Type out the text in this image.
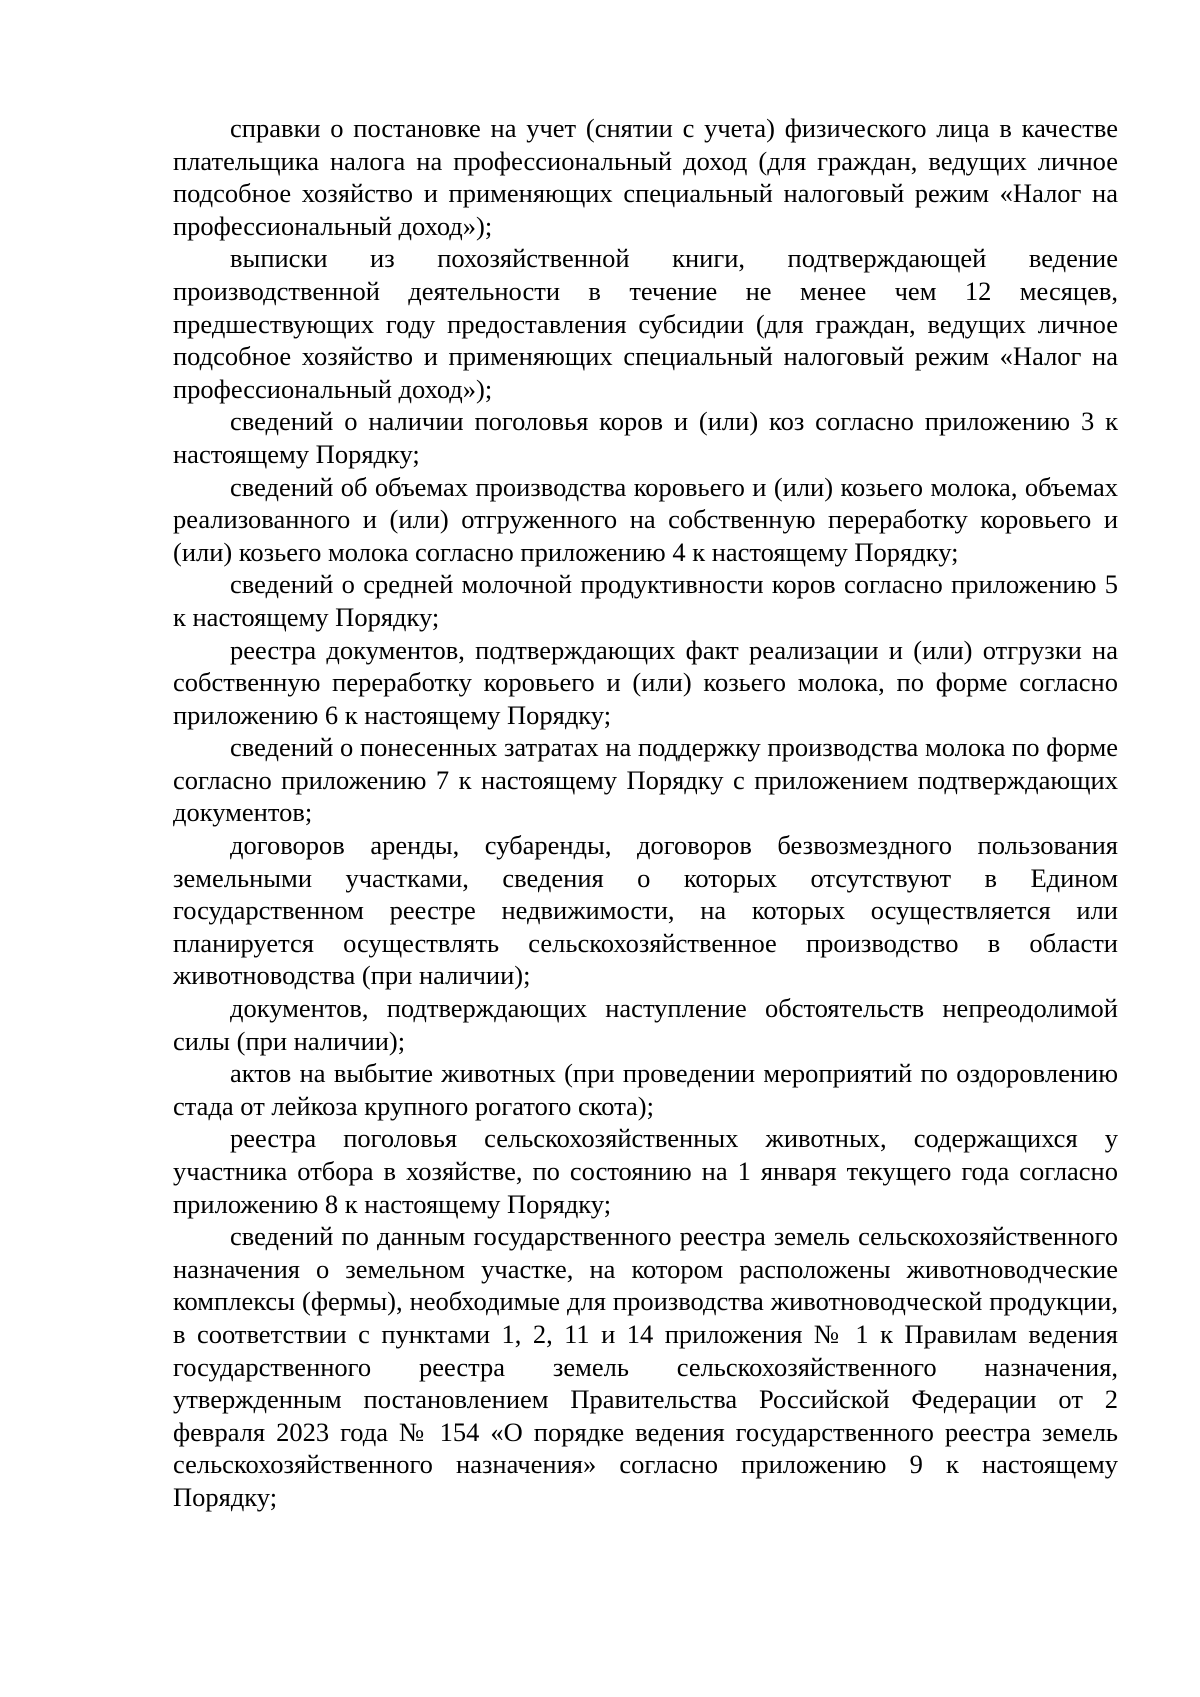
справки о постановке на учет (снятии с учета) физического лица в качестве плательщика налога на профессиональный доход (для граждан, ведущих личное подсобное хозяйство и применяющих специальный налоговый режим «Налог на профессиональный доход»);

выписки из похозяйственной книги, подтверждающей ведение производственной деятельности в течение не менее чем 12 месяцев, предшествующих году предоставления субсидии (для граждан, ведущих личное подсобное хозяйство и применяющих специальный налоговый режим «Налог на профессиональный доход»);

сведений о наличии поголовья коров и (или) коз согласно приложению 3 к настоящему Порядку;

сведений об объемах производства коровьего и (или) козьего молока, объемах реализованного и (или) отгруженного на собственную переработку коровьего и (или) козьего молока согласно приложению 4 к настоящему Порядку;

сведений о средней молочной продуктивности коров согласно приложению 5 к настоящему Порядку;

реестра документов, подтверждающих факт реализации и (или) отгрузки на собственную переработку коровьего и (или) козьего молока, по форме согласно приложению 6 к настоящему Порядку;

сведений о понесенных затратах на поддержку производства молока по форме согласно приложению 7 к настоящему Порядку с приложением подтверждающих документов;

договоров аренды, субаренды, договоров безвозмездного пользования земельными участками, сведения о которых отсутствуют в Едином государственном реестре недвижимости, на которых осуществляется или планируется осуществлять сельскохозяйственное производство в области животноводства (при наличии);

документов, подтверждающих наступление обстоятельств непреодолимой силы (при наличии);

актов на выбытие животных (при проведении мероприятий по оздоровлению стада от лейкоза крупного рогатого скота);

реестра поголовья сельскохозяйственных животных, содержащихся у участника отбора в хозяйстве, по состоянию на 1 января текущего года согласно приложению 8 к настоящему Порядку;

сведений по данным государственного реестра земель сельскохозяйственного назначения о земельном участке, на котором расположены животноводческие комплексы (фермы), необходимые для производства животноводческой продукции, в соответствии с пунктами 1, 2, 11 и 14 приложения № 1 к Правилам ведения государственного реестра земель сельскохозяйственного назначения, утвержденным постановлением Правительства Российской Федерации от 2 февраля 2023 года № 154 «О порядке ведения государственного реестра земель сельскохозяйственного назначения» согласно приложению 9 к настоящему Порядку;
